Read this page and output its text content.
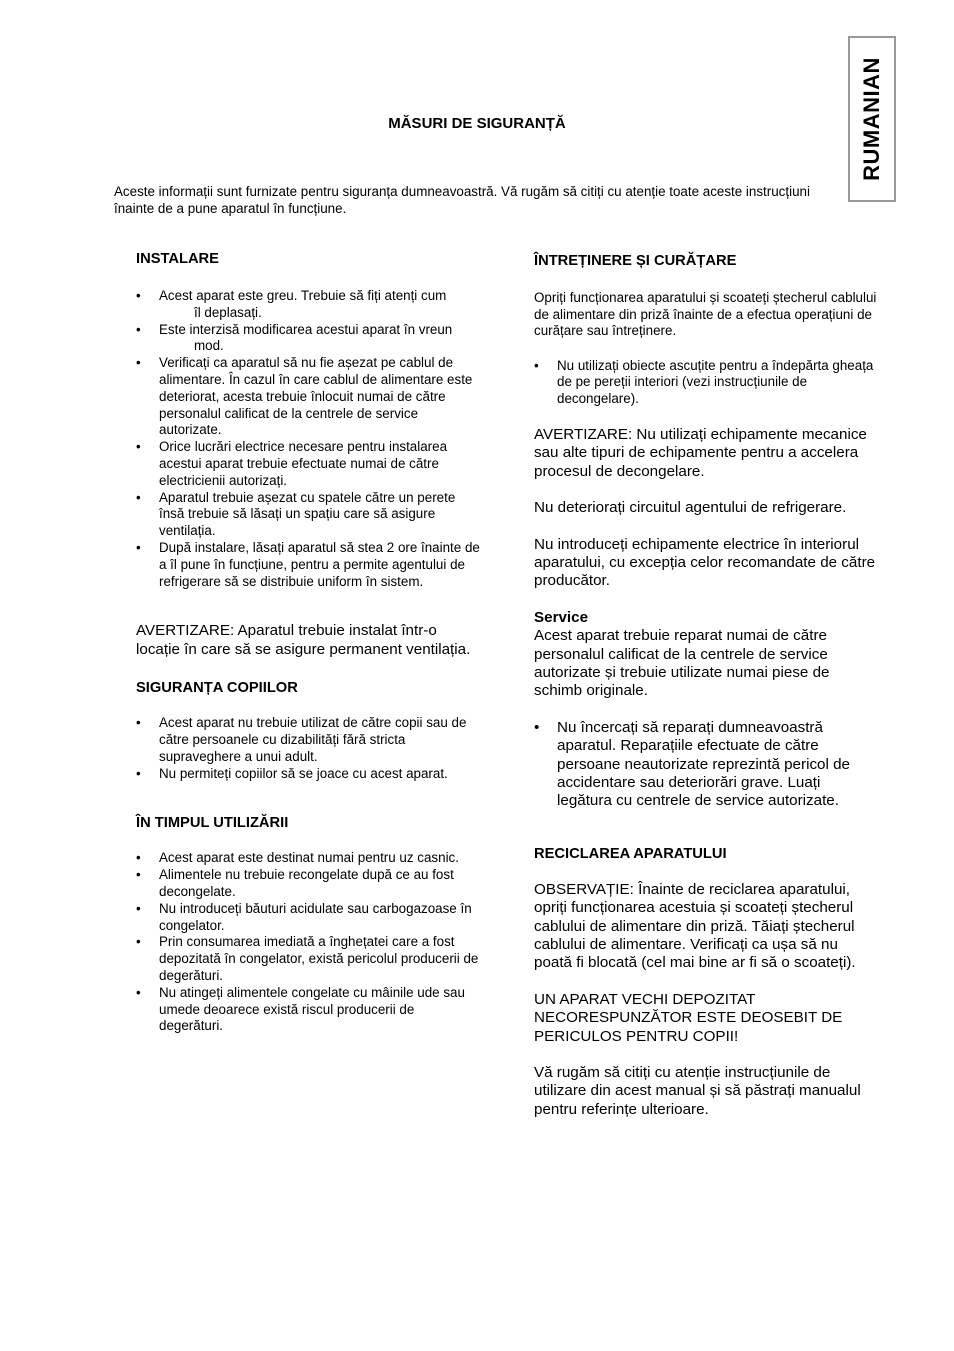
RUMANIAN
MĂSURI DE SIGURANȚĂ
Aceste informații sunt furnizate pentru siguranța dumneavoastră. Vă rugăm să citiți cu atenție toate aceste instrucțiuni înainte de a pune aparatul în funcțiune.
INSTALARE
• Acest aparat este greu. Trebuie să fiți atenți cum
îl deplasați.
• Este interzisă modificarea acestui aparat în vreun
mod.
• Verificați ca aparatul să nu fie așezat pe cablul de alimentare. În cazul în care cablul de alimentare este deteriorat, acesta trebuie înlocuit numai de către personalul calificat de la centrele de service autorizate.
• Orice lucrări electrice necesare pentru instalarea acestui aparat trebuie efectuate numai de către electricienii autorizați.
• Aparatul trebuie așezat cu spatele către un perete însă trebuie să lăsați un spațiu care să asigure ventilația.
• După instalare, lăsați aparatul să stea 2 ore înainte de a îl pune în funcțiune, pentru a permite agentului de refrigerare să se distribuie uniform în sistem.

AVERTIZARE: Aparatul trebuie instalat într-o locație în care să se asigure permanent ventilația.

SIGURANȚA COPIILOR
• Acest aparat nu trebuie utilizat de către copii sau de către persoanele cu dizabilități fără stricta supraveghere a unui adult.
• Nu permiteți copiilor să se joace cu acest aparat.
ÎN TIMPUL UTILIZĂRII
• Acest aparat este destinat numai pentru uz casnic.
• Alimentele nu trebuie recongelate după ce au fost decongelate.
• Nu introduceți băuturi acidulate sau carbogazoase în congelator.
• Prin consumarea imediată a înghețatei care a fost depozitată în congelator, există pericolul producerii de degerături.
• Nu atingeți alimentele congelate cu mâinile ude sau umede deoarece există riscul producerii de degerături.
ÎNTREȚINERE ȘI CURĂȚARE

Opriți funcționarea aparatului și scoateți ștecherul cablului de alimentare din priză înainte de a efectua operațiuni de curățare sau întreținere.

• Nu utilizați obiecte ascuțite pentru a îndepărta gheața de pe pereții interiori (vezi instrucțiunile de decongelare).

AVERTIZARE: Nu utilizați echipamente mecanice sau alte tipuri de echipamente pentru a accelera procesul de decongelare.

Nu deteriorați circuitul agentului de refrigerare.

Nu introduceți echipamente electrice în interiorul aparatului, cu excepția celor recomandate de către producător.

Service

Acest aparat trebuie reparat numai de către personalul calificat de la centrele de service autorizate și trebuie utilizate numai piese de schimb originale.

• Nu încercați să reparați dumneavoastră aparatul. Reparațiile efectuate de către persoane neautorizate reprezintă pericol de accidentare sau deteriorări grave. Luați legătura cu centrele de service autorizate.
RECICLAREA APARATULUI

OBSERVAȚIE: Înainte de reciclarea aparatului, opriți funcționarea acestuia și scoateți ștecherul cablului de alimentare din priză. Tăiați ștecherul cablului de alimentare. Verificați ca ușa să nu poată fi blocată (cel mai bine ar fi să o scoateți).

UN APARAT VECHI DEPOZITAT NECORESPUNZĂTOR ESTE DEOSEBIT DE PERICULOS PENTRU COPII!

Vă rugăm să citiți cu atenție instrucțiunile de utilizare din acest manual și să păstrați manualul pentru referințe ulterioare.
